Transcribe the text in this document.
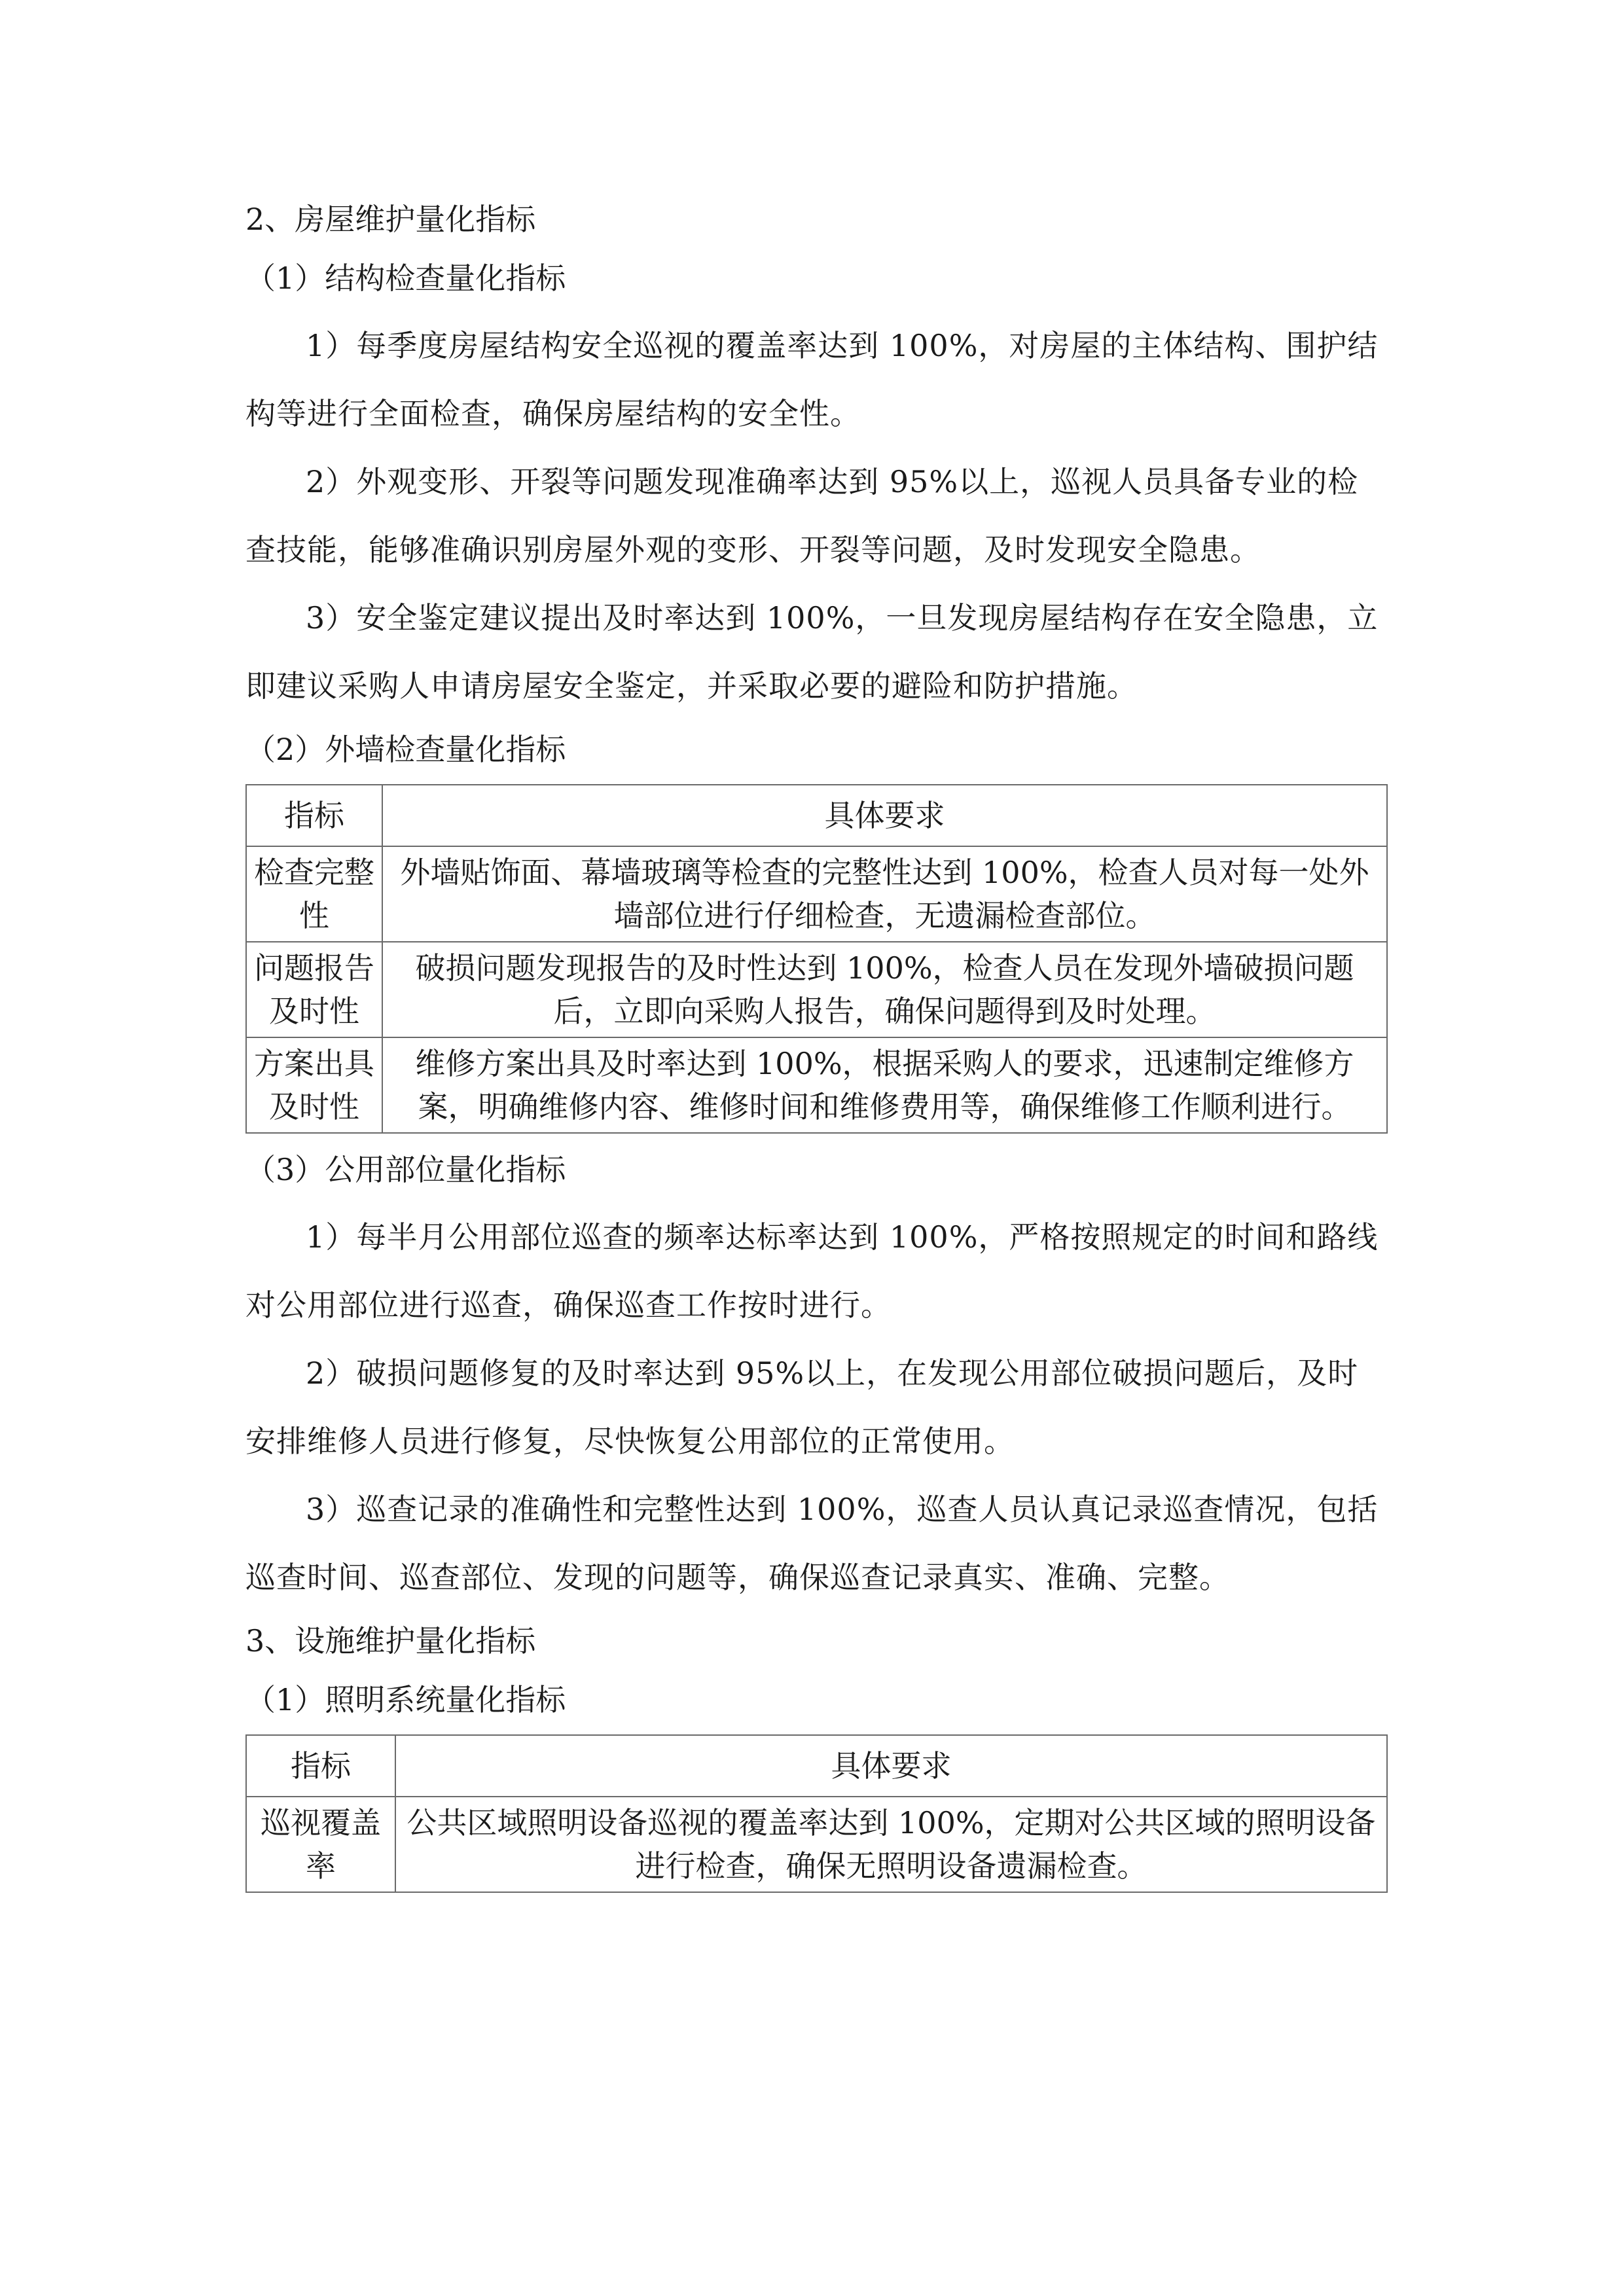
2、房屋维护量化指标

（1）结构检查量化指标

1）每季度房屋结构安全巡视的覆盖率达到 100%，对房屋的主体结构、围护结构等进行全面检查，确保房屋结构的安全性。

2）外观变形、开裂等问题发现准确率达到 95%以上，巡视人员具备专业的检查技能，能够准确识别房屋外观的变形、开裂等问题，及时发现安全隐患。

3）安全鉴定建议提出及时率达到 100%，一旦发现房屋结构存在安全隐患，立即建议采购人申请房屋安全鉴定，并采取必要的避险和防护措施。

（2）外墙检查量化指标

指标	具体要求
检查完整性	外墙贴饰面、幕墙玻璃等检查的完整性达到 100%，检查人员对每一处外墙部位进行仔细检查，无遗漏检查部位。
问题报告及时性	破损问题发现报告的及时性达到 100%，检查人员在发现外墙破损问题后，立即向采购人报告，确保问题得到及时处理。
方案出具及时性	维修方案出具及时率达到 100%，根据采购人的要求，迅速制定维修方案，明确维修内容、维修时间和维修费用等，确保维修工作顺利进行。

（3）公用部位量化指标

1）每半月公用部位巡查的频率达标率达到 100%，严格按照规定的时间和路线对公用部位进行巡查，确保巡查工作按时进行。

2）破损问题修复的及时率达到 95%以上，在发现公用部位破损问题后，及时安排维修人员进行修复，尽快恢复公用部位的正常使用。

3）巡查记录的准确性和完整性达到 100%，巡查人员认真记录巡查情况，包括巡查时间、巡查部位、发现的问题等，确保巡查记录真实、准确、完整。

3、设施维护量化指标

（1）照明系统量化指标

指标	具体要求
巡视覆盖率	公共区域照明设备巡视的覆盖率达到 100%，定期对公共区域的照明设备进行检查，确保无照明设备遗漏检查。
